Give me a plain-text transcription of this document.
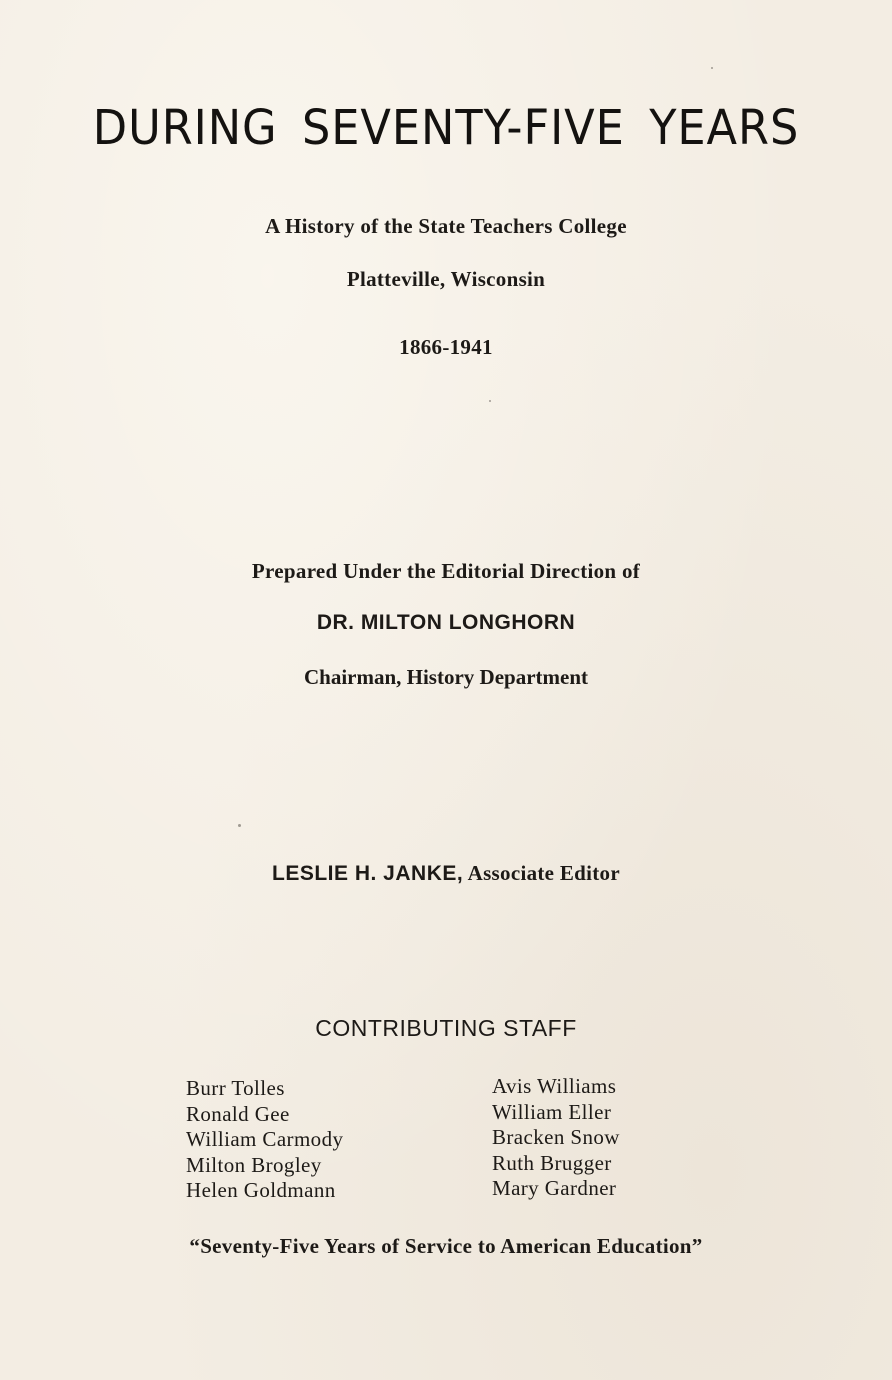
DURING SEVENTY-FIVE YEARS
A History of the State Teachers College
Platteville, Wisconsin
1866-1941
Prepared Under the Editorial Direction of
DR. MILTON LONGHORN
Chairman, History Department
LESLIE H. JANKE, Associate Editor
CONTRIBUTING STAFF
Burr Tolles
Ronald Gee
William Carmody
Milton Brogley
Helen Goldmann
Avis Williams
William Eller
Bracken Snow
Ruth Brugger
Mary Gardner
“Seventy-Five Years of Service to American Education”
